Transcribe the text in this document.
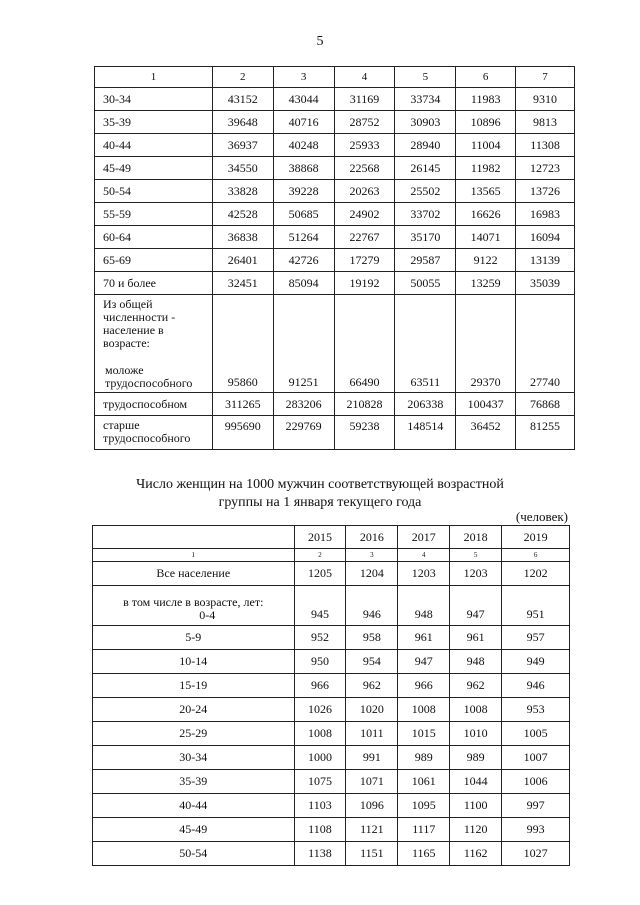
5
1	2	3	4	5	6	7
30-34	43152	43044	31169	33734	11983	9310
35-39	39648	40716	28752	30903	10896	9813
40-44	36937	40248	25933	28940	11004	11308
45-49	34550	38868	22568	26145	11982	12723
50-54	33828	39228	20263	25502	13565	13726
55-59	42528	50685	24902	33702	16626	16983
60-64	36838	51264	22767	35170	14071	16094
65-69	26401	42726	17279	29587	9122	13139
70 и более	32451	85094	19192	50055	13259	35039

Из общей численности - население в возрасте:
моложе трудоспособного	95860	91251	66490	63511	29370	27740
трудоспособном	311265	283206	210828	206338	100437	76868
старше трудоспособного	995690	229769	59238	148514	36452	81255
Число женщин на 1000 мужчин соответствующей возрастной
группы на 1 января текущего года
(человек)
	2015	2016	2017	2018	2019
1	2	3	4	5	6
Все население	1205	1204	1203	1203	1202

в том числе в возрасте, лет:
0-4	945	946	948	947	951
5-9	952	958	961	961	957
10-14	950	954	947	948	949
15-19	966	962	966	962	946
20-24	1026	1020	1008	1008	953
25-29	1008	1011	1015	1010	1005
30-34	1000	991	989	989	1007
35-39	1075	1071	1061	1044	1006
40-44	1103	1096	1095	1100	997
45-49	1108	1121	1117	1120	993
50-54	1138	1151	1165	1162	1027
